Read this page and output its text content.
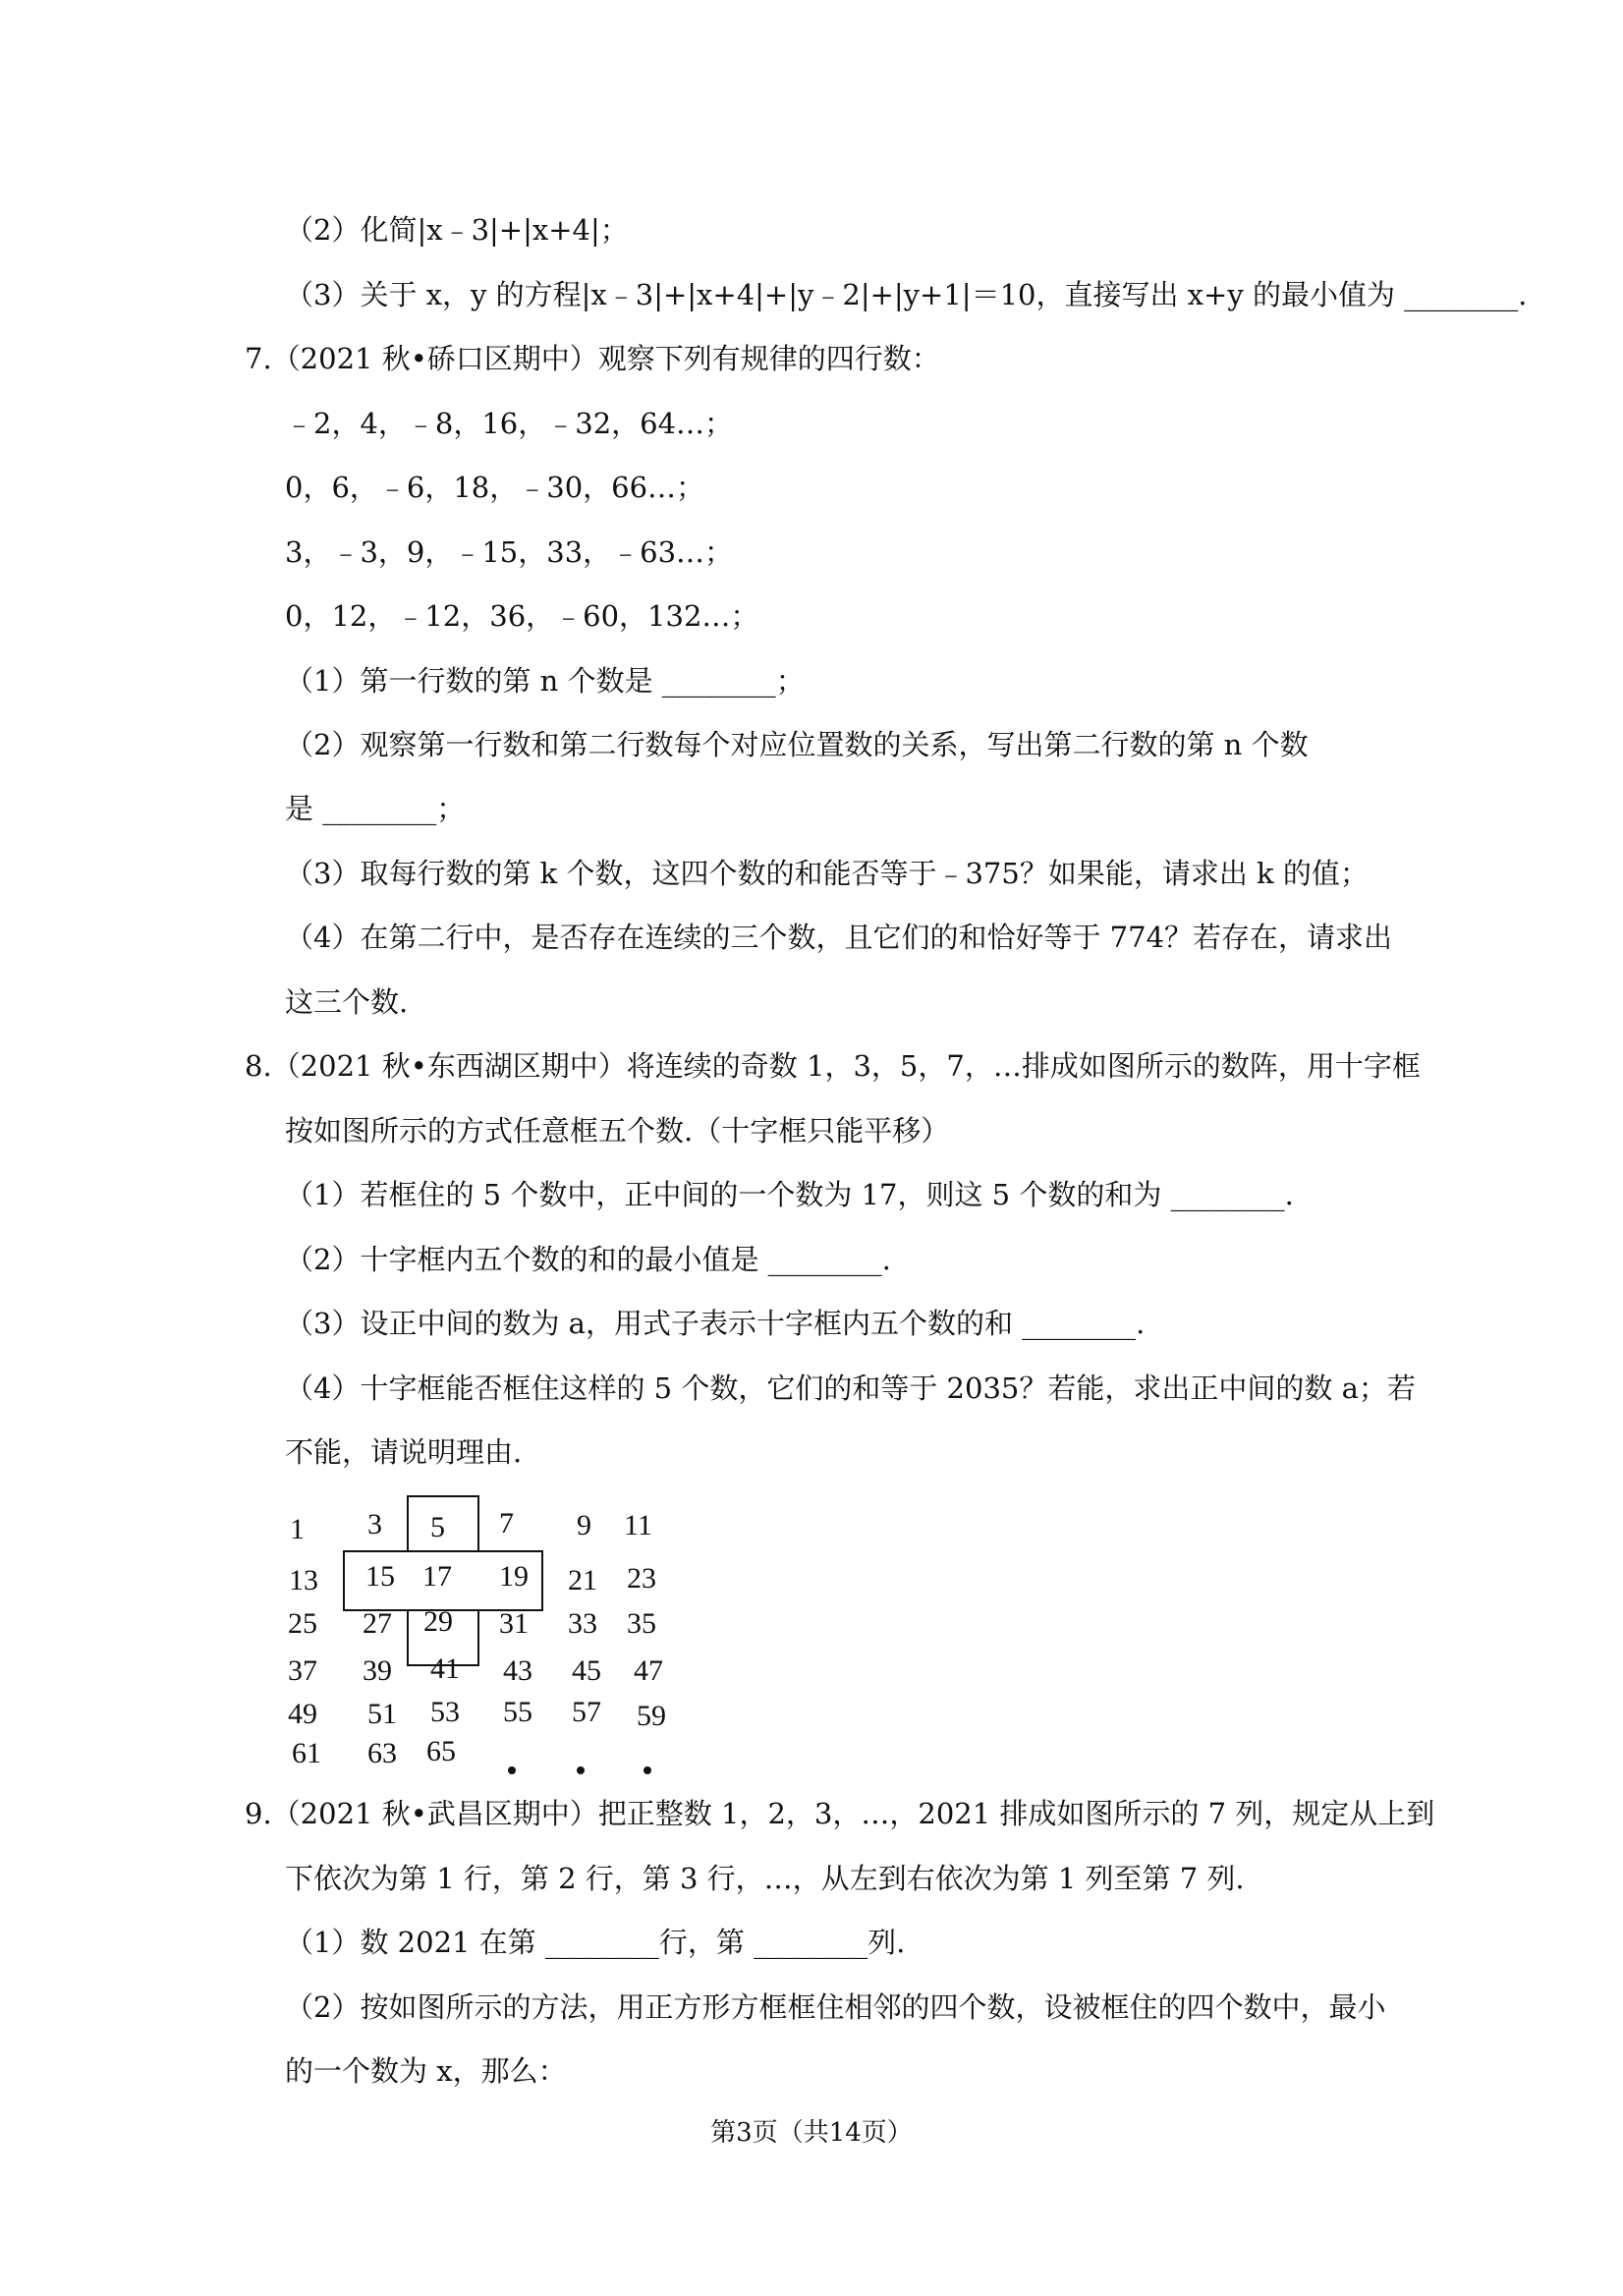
（2）化简|x﹣3|+|x+4|；
（3）关于 x，y 的方程|x﹣3|+|x+4|+|y﹣2|+|y+1|＝10，直接写出 x+y 的最小值为 ________.
7.（2021 秋•硚口区期中）观察下列有规律的四行数：
﹣2，4，﹣8，16，﹣32，64…；
0，6，﹣6，18，﹣30，66…；
3，﹣3，9，﹣15，33，﹣63…；
0，12，﹣12，36，﹣60，132…；
（1）第一行数的第 n 个数是 ________；
（2）观察第一行数和第二行数每个对应位置数的关系，写出第二行数的第 n 个数
是 ________；
（3）取每行数的第 k 个数，这四个数的和能否等于﹣375？如果能，请求出 k 的值；
（4）在第二行中，是否存在连续的三个数，且它们的和恰好等于 774？若存在，请求出
这三个数.
8.（2021 秋•东西湖区期中）将连续的奇数 1，3，5，7，…排成如图所示的数阵，用十字框
按如图所示的方式任意框五个数.（十字框只能平移）
（1）若框住的 5 个数中，正中间的一个数为 17，则这 5 个数的和为 ________.
（2）十字框内五个数的和的最小值是 ________.
（3）设正中间的数为 a，用式子表示十字框内五个数的和 ________.
（4）十字框能否框住这样的 5 个数，它们的和等于 2035？若能，求出正中间的数 a；若
不能，请说明理由.
1 3 5 7 9 11
13 15 17 19 21 23
25 27 29 31 33 35
37 39 41 43 45 47
49 51 53 55 57 59
61 63 65
9.（2021 秋•武昌区期中）把正整数 1，2，3，…，2021 排成如图所示的 7 列，规定从上到
下依次为第 1 行，第 2 行，第 3 行，…，从左到右依次为第 1 列至第 7 列.
（1）数 2021 在第 ________行，第 ________列.
（2）按如图所示的方法，用正方形方框框住相邻的四个数，设被框住的四个数中，最小
的一个数为 x，那么：
第3页（共14页）
